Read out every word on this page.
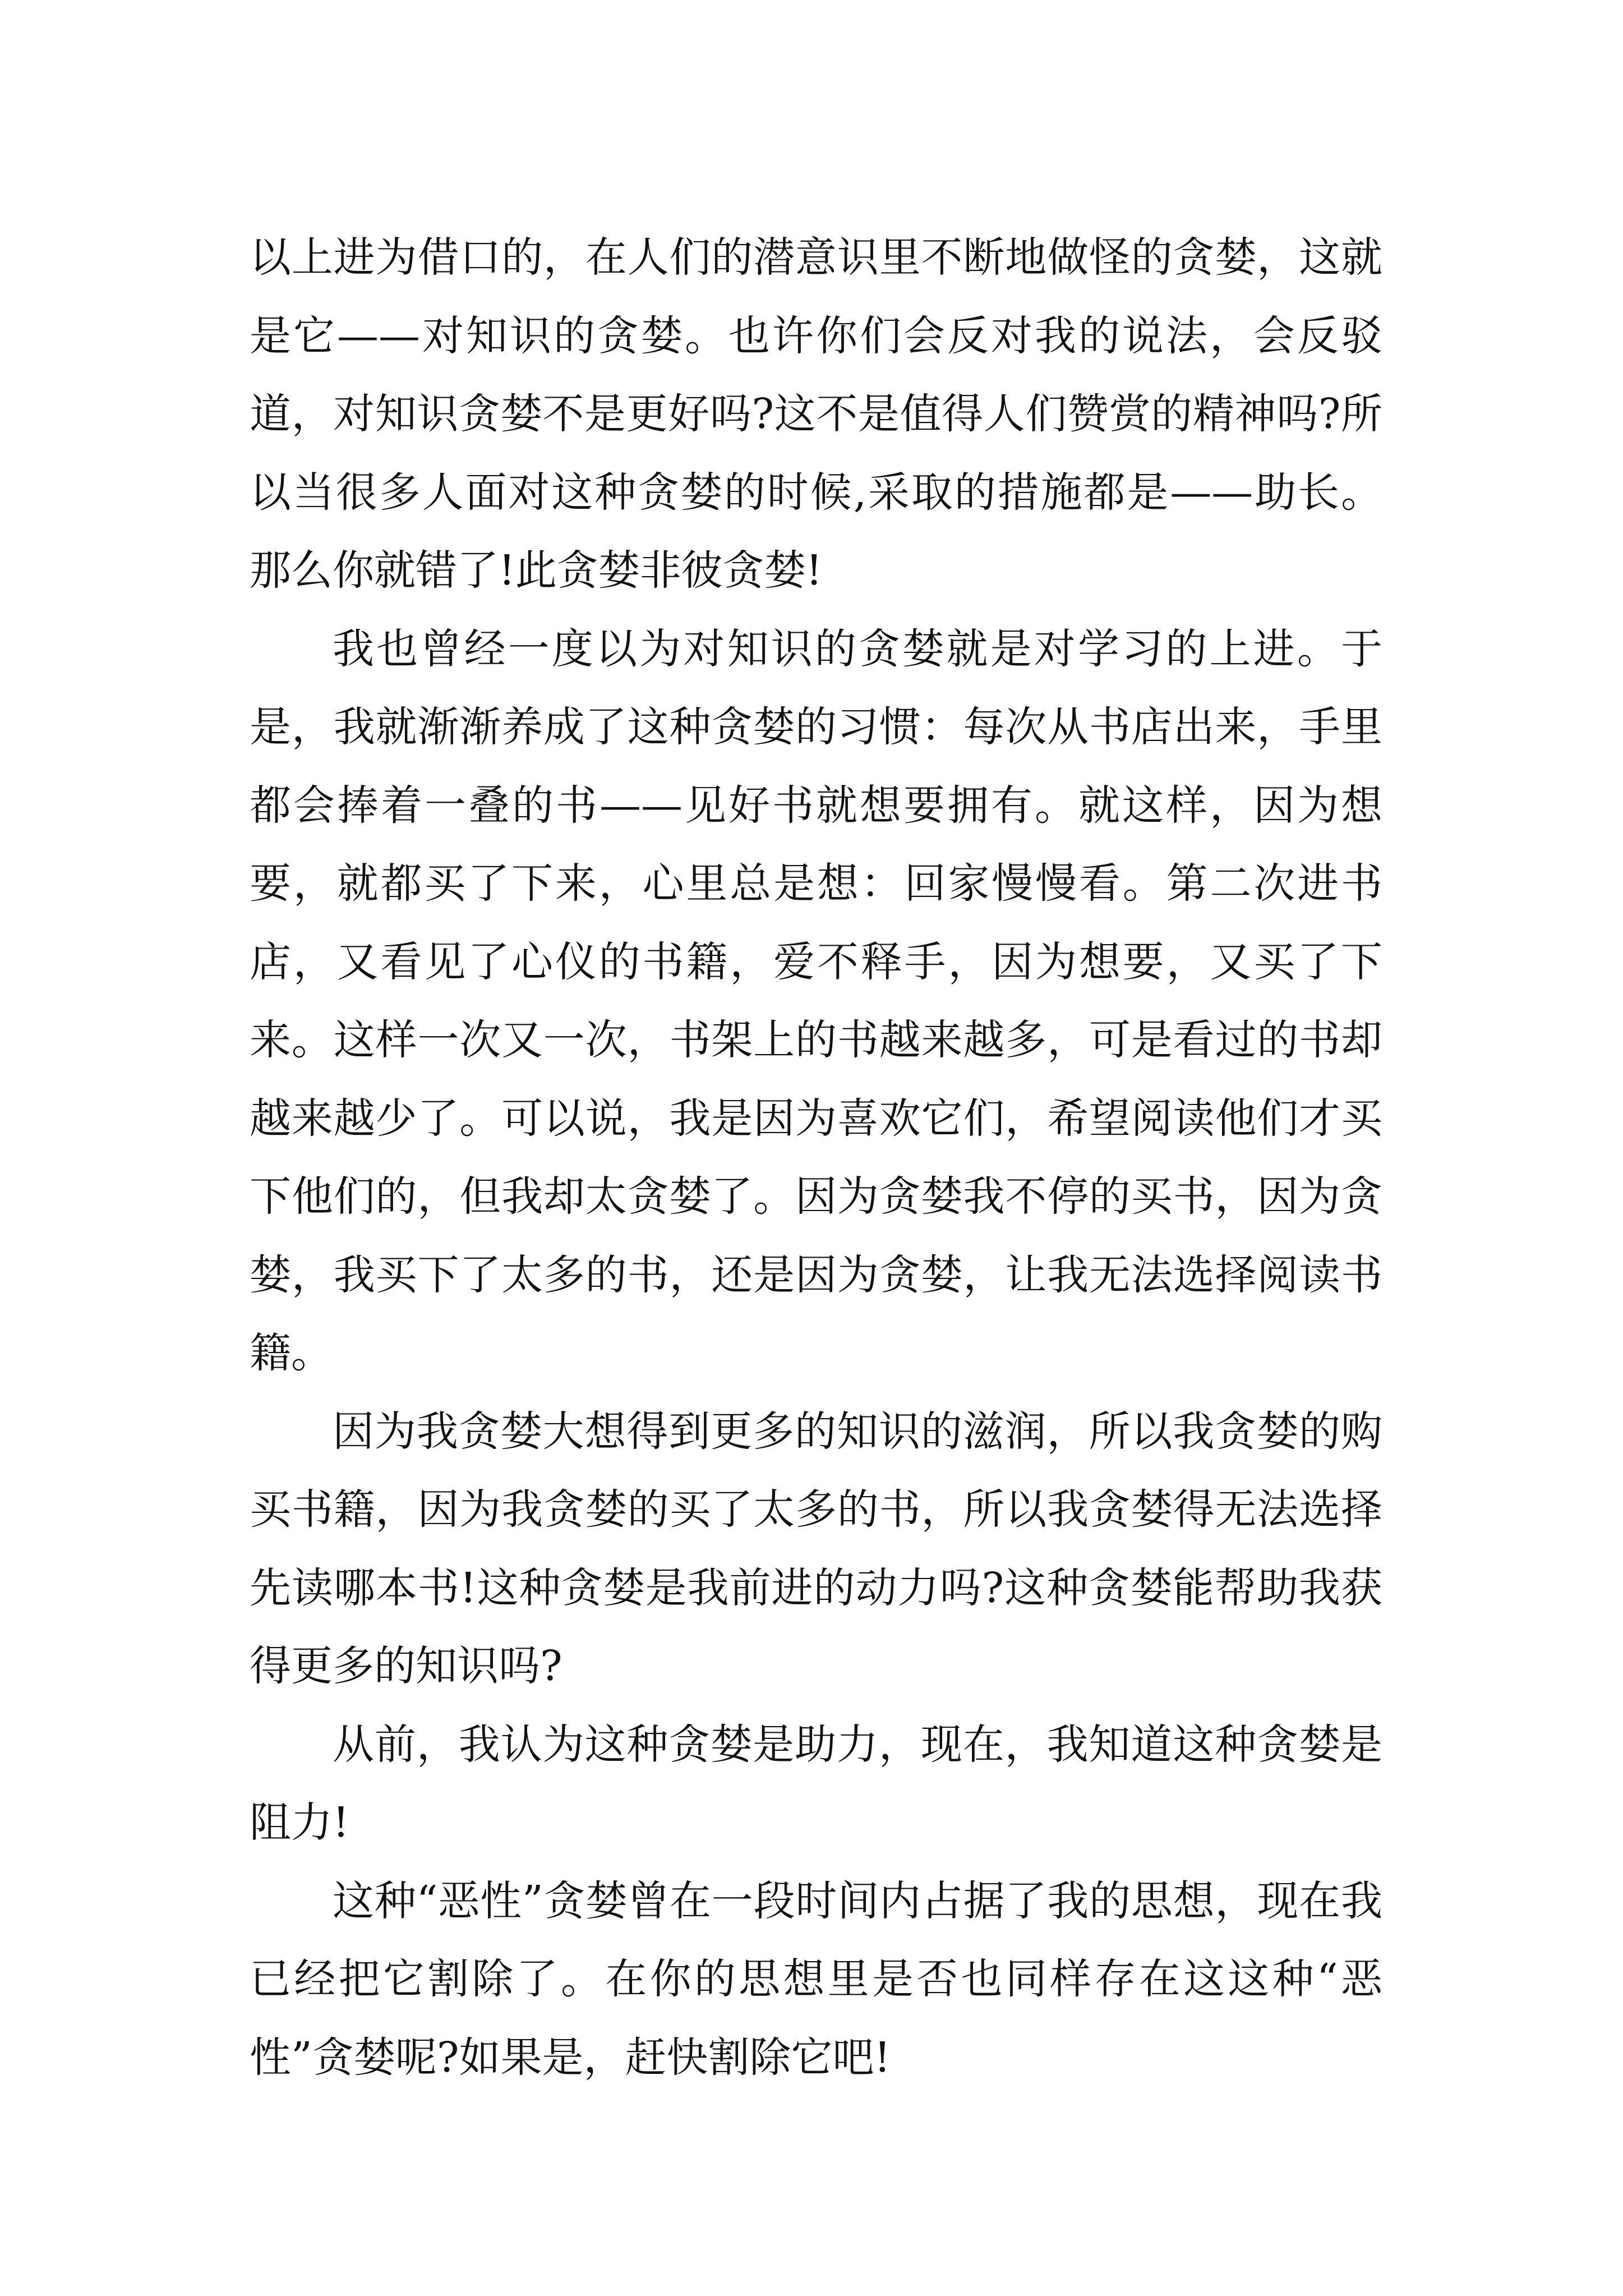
以上进为借口的，在人们的潜意识里不断地做怪的贪婪，这就是它——对知识的贪婪。也许你们会反对我的说法，会反驳道，对知识贪婪不是更好吗?这不是值得人们赞赏的精神吗?所以当很多人面对这种贪婪的时候,采取的措施都是——助长。那么你就错了!此贪婪非彼贪婪!

我也曾经一度以为对知识的贪婪就是对学习的上进。于是，我就渐渐养成了这种贪婪的习惯：每次从书店出来，手里都会捧着一叠的书——见好书就想要拥有。就这样，因为想要，就都买了下来，心里总是想：回家慢慢看。第二次进书店，又看见了心仪的书籍，爱不释手，因为想要，又买了下来。这样一次又一次，书架上的书越来越多，可是看过的书却越来越少了。可以说，我是因为喜欢它们，希望阅读他们才买下他们的，但我却太贪婪了。因为贪婪我不停的买书，因为贪婪，我买下了太多的书，还是因为贪婪，让我无法选择阅读书籍。

因为我贪婪大想得到更多的知识的滋润，所以我贪婪的购买书籍，因为我贪婪的买了太多的书，所以我贪婪得无法选择先读哪本书!这种贪婪是我前进的动力吗?这种贪婪能帮助我获得更多的知识吗?

从前，我认为这种贪婪是助力，现在，我知道这种贪婪是阻力!

这种“恶性”贪婪曾在一段时间内占据了我的思想，现在我已经把它割除了。在你的思想里是否也同样存在这这种“恶性”贪婪呢?如果是，赶快割除它吧!
